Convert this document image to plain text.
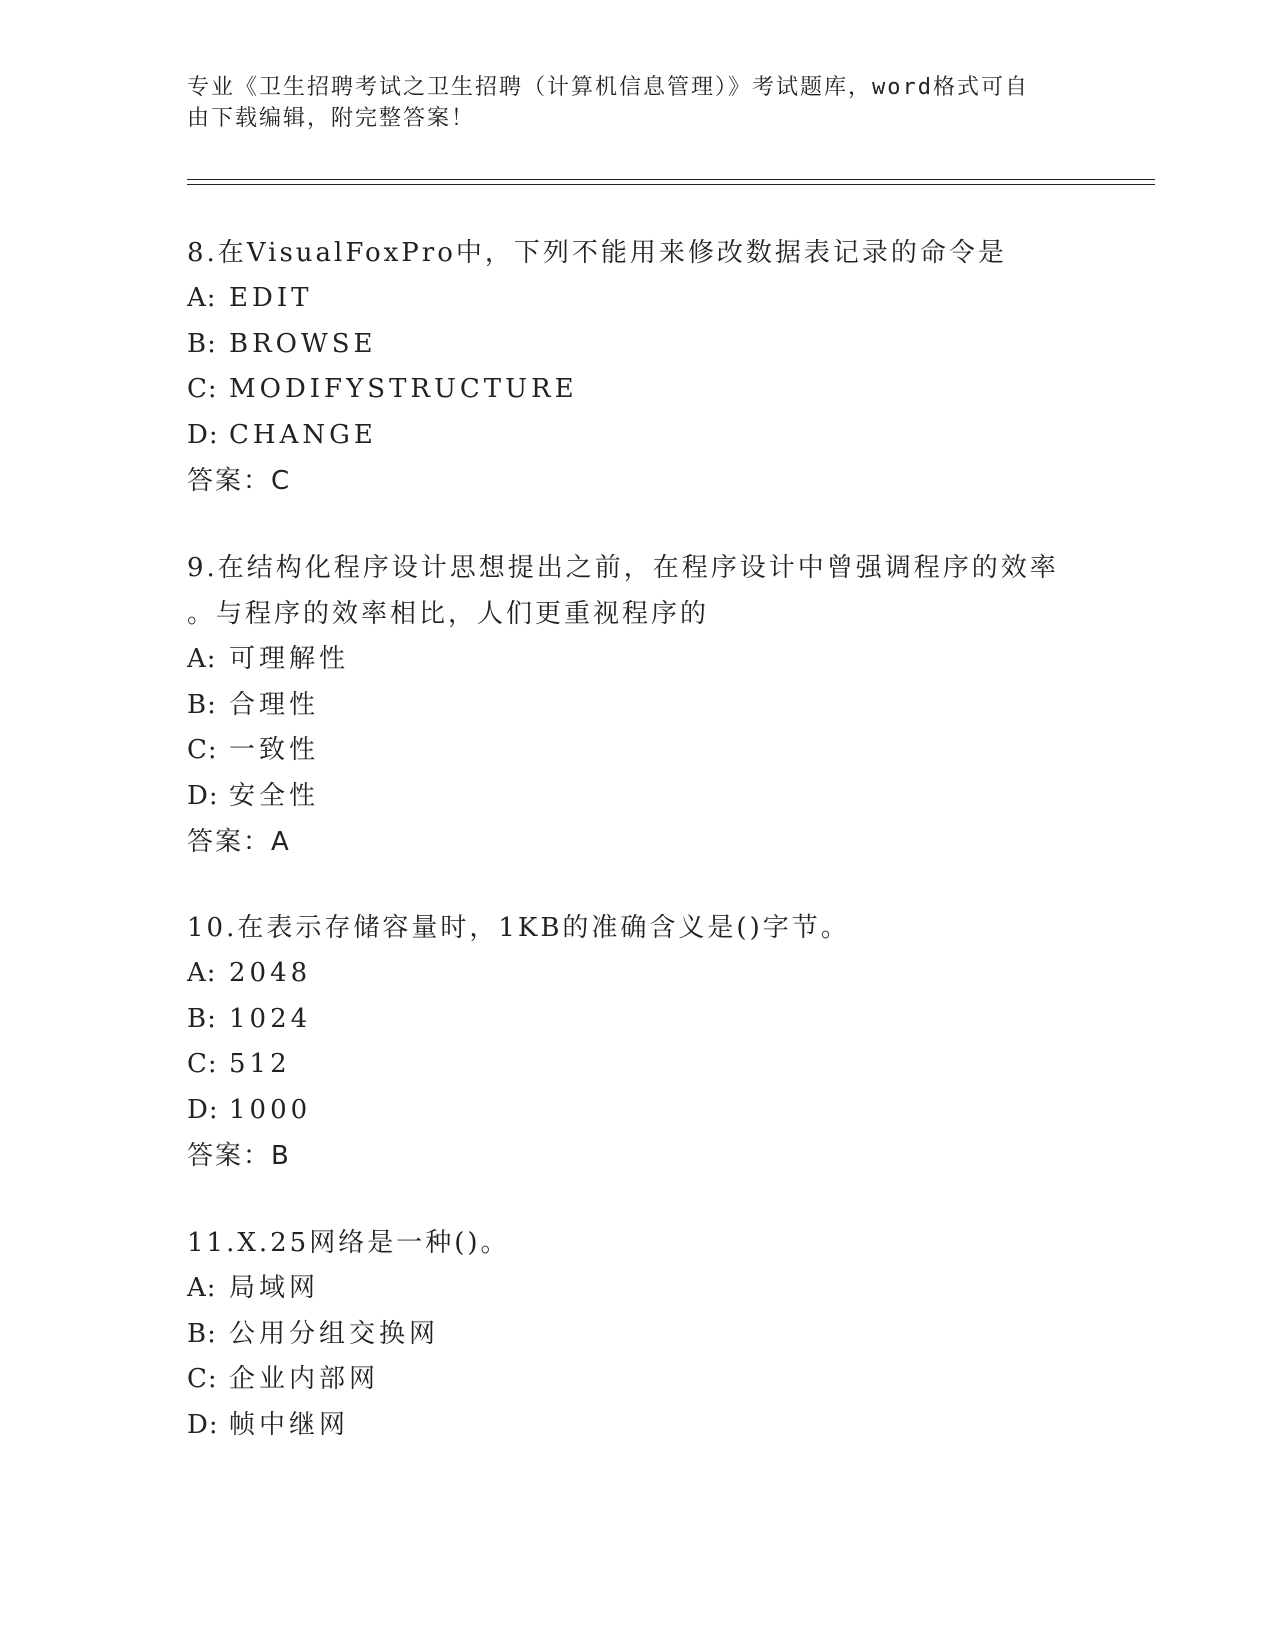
专业《卫生招聘考试之卫生招聘（计算机信息管理）》考试题库，word格式可自

由下载编辑，附完整答案！

8.在VisualFoxPro中，下列不能用来修改数据表记录的命令是

A: EDIT

B: BROWSE

C: MODIFYSTRUCTURE

D: CHANGE

答案：C

9.在结构化程序设计思想提出之前，在程序设计中曾强调程序的效率

。与程序的效率相比，人们更重视程序的

A: 可理解性

B: 合理性

C: 一致性

D: 安全性

答案：A

10.在表示存储容量时，1KB的准确含义是()字节。

A: 2048

B: 1024

C: 512

D: 1000

答案：B

11.X.25网络是一种()。

A: 局域网

B: 公用分组交换网

C: 企业内部网

D: 帧中继网
